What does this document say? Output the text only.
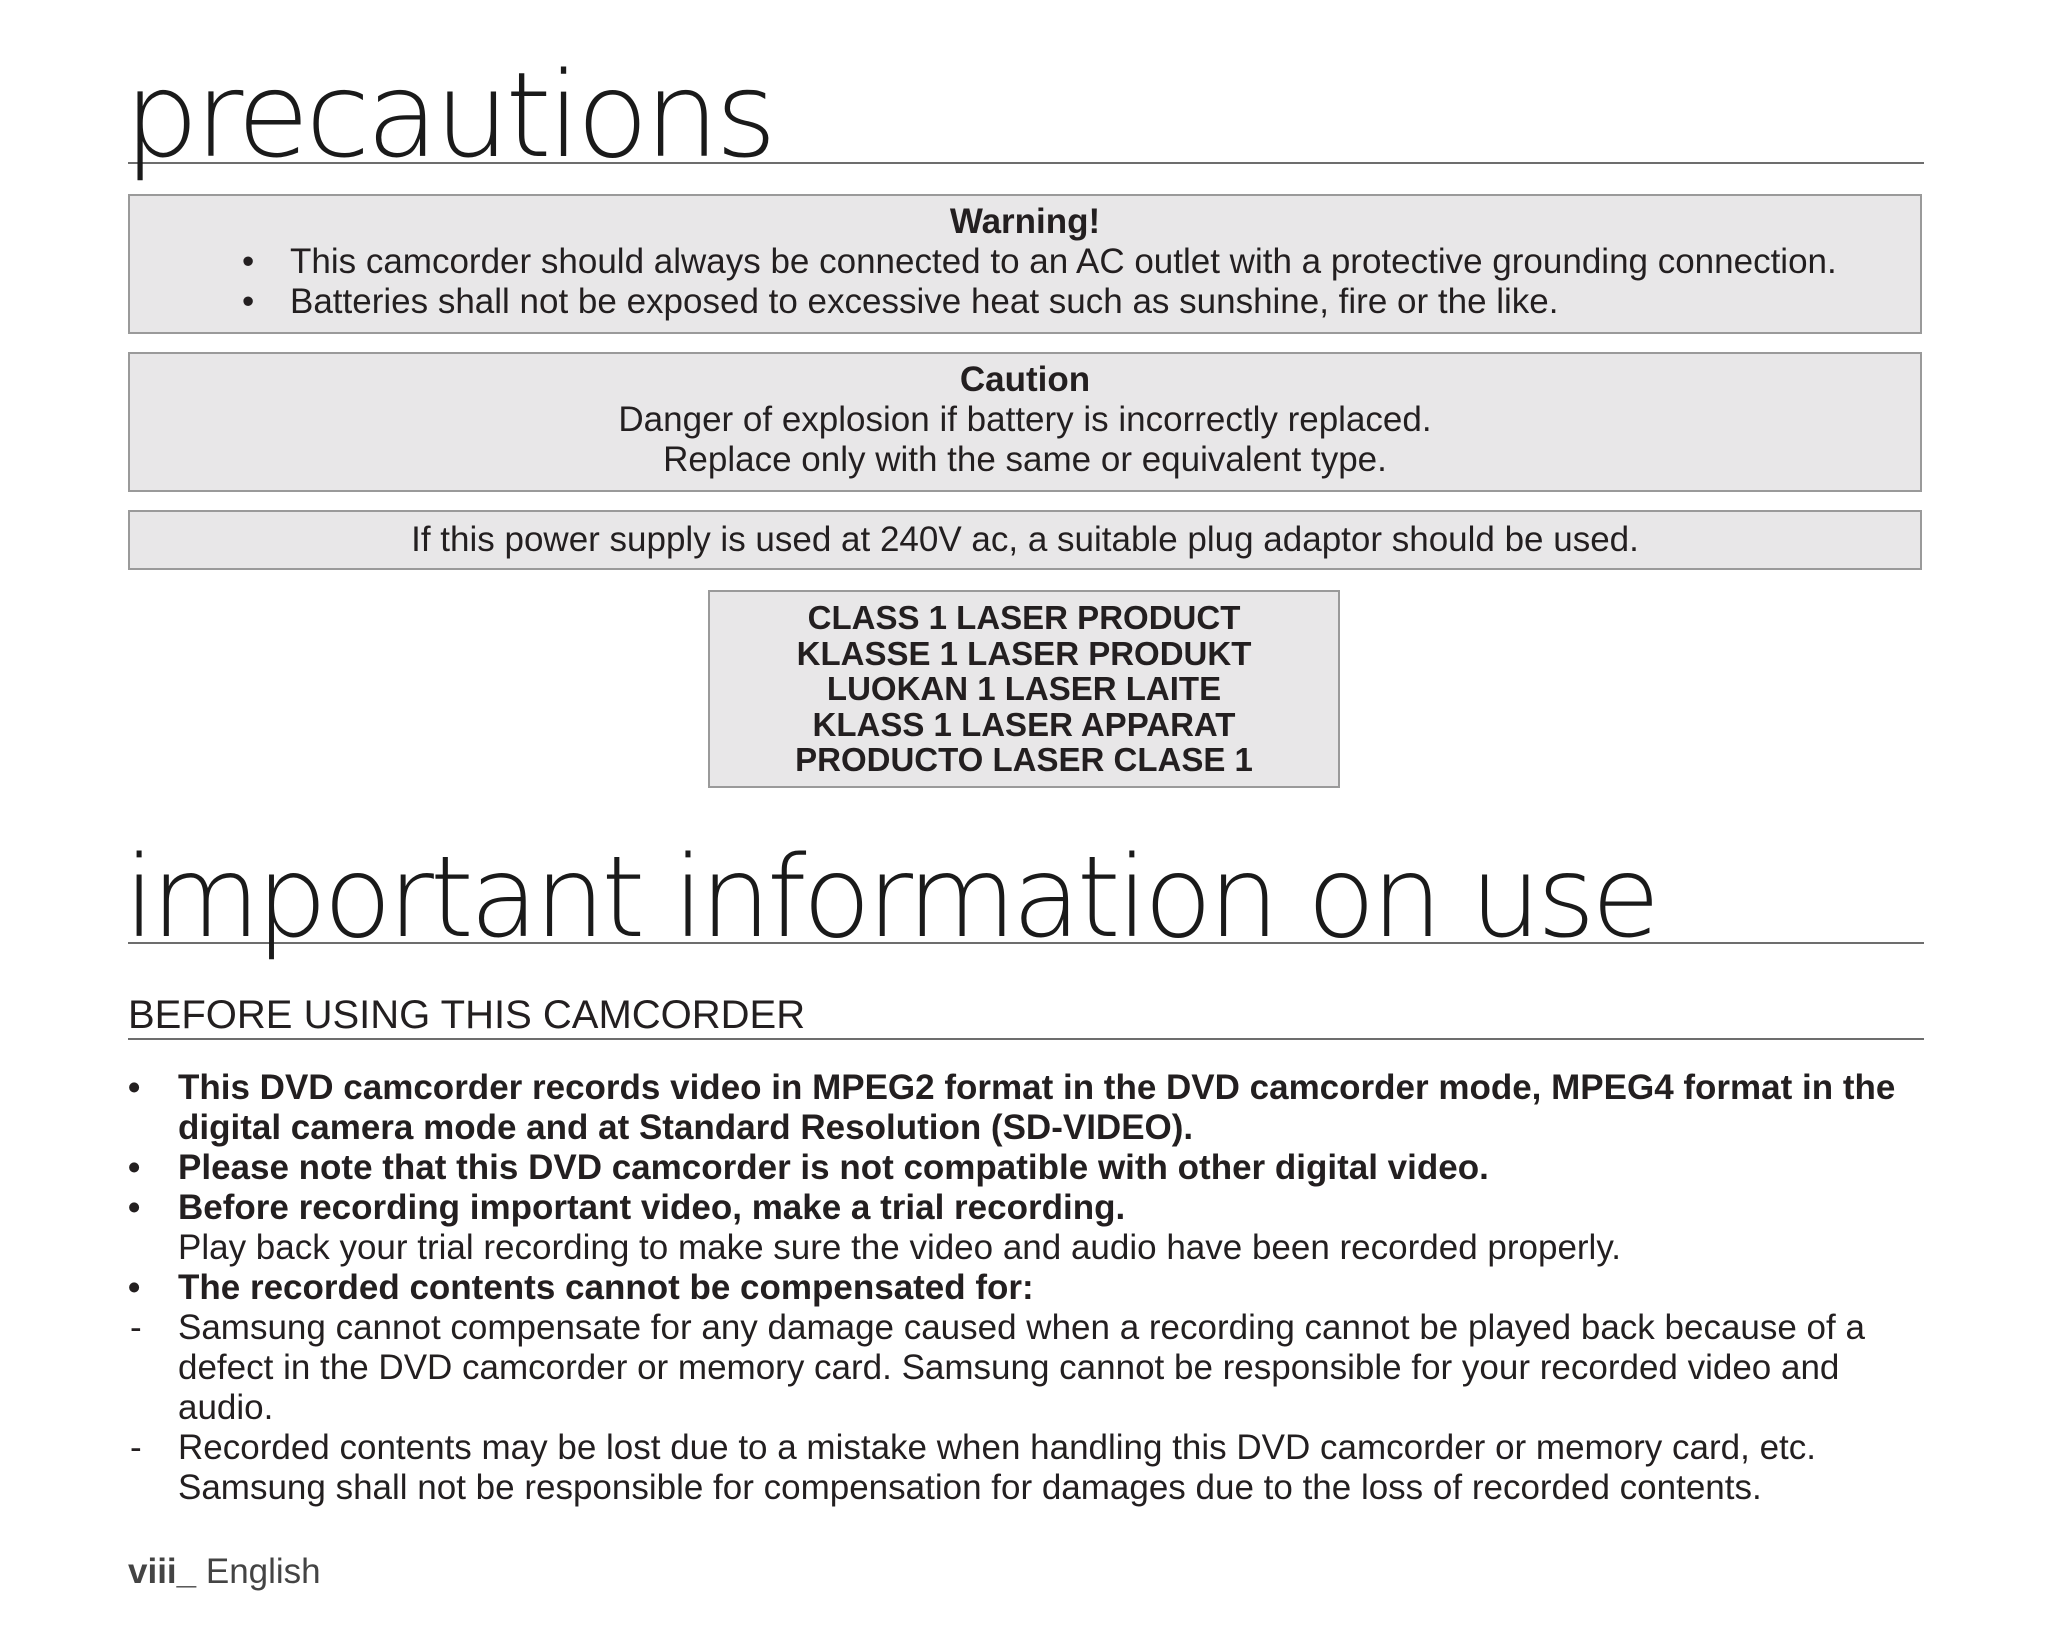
precautions
Warning!
• This camcorder should always be connected to an AC outlet with a protective grounding connection.
• Batteries shall not be exposed to excessive heat such as sunshine, fire or the like.
Caution
Danger of explosion if battery is incorrectly replaced.
Replace only with the same or equivalent type.
If this power supply is used at 240V ac, a suitable plug adaptor should be used.
CLASS 1 LASER PRODUCT
KLASSE 1 LASER PRODUKT
LUOKAN 1 LASER LAITE
KLASS 1 LASER APPARAT
PRODUCTO LASER CLASE 1
important information on use
BEFORE USING THIS CAMCORDER
• This DVD camcorder records video in MPEG2 format in the DVD camcorder mode, MPEG4 format in the digital camera mode and at Standard Resolution (SD-VIDEO).
• Please note that this DVD camcorder is not compatible with other digital video.
• Before recording important video, make a trial recording.
Play back your trial recording to make sure the video and audio have been recorded properly.
• The recorded contents cannot be compensated for:
- Samsung cannot compensate for any damage caused when a recording cannot be played back because of a defect in the DVD camcorder or memory card. Samsung cannot be responsible for your recorded video and audio.
- Recorded contents may be lost due to a mistake when handling this DVD camcorder or memory card, etc. Samsung shall not be responsible for compensation for damages due to the loss of recorded contents.
viii_ English
